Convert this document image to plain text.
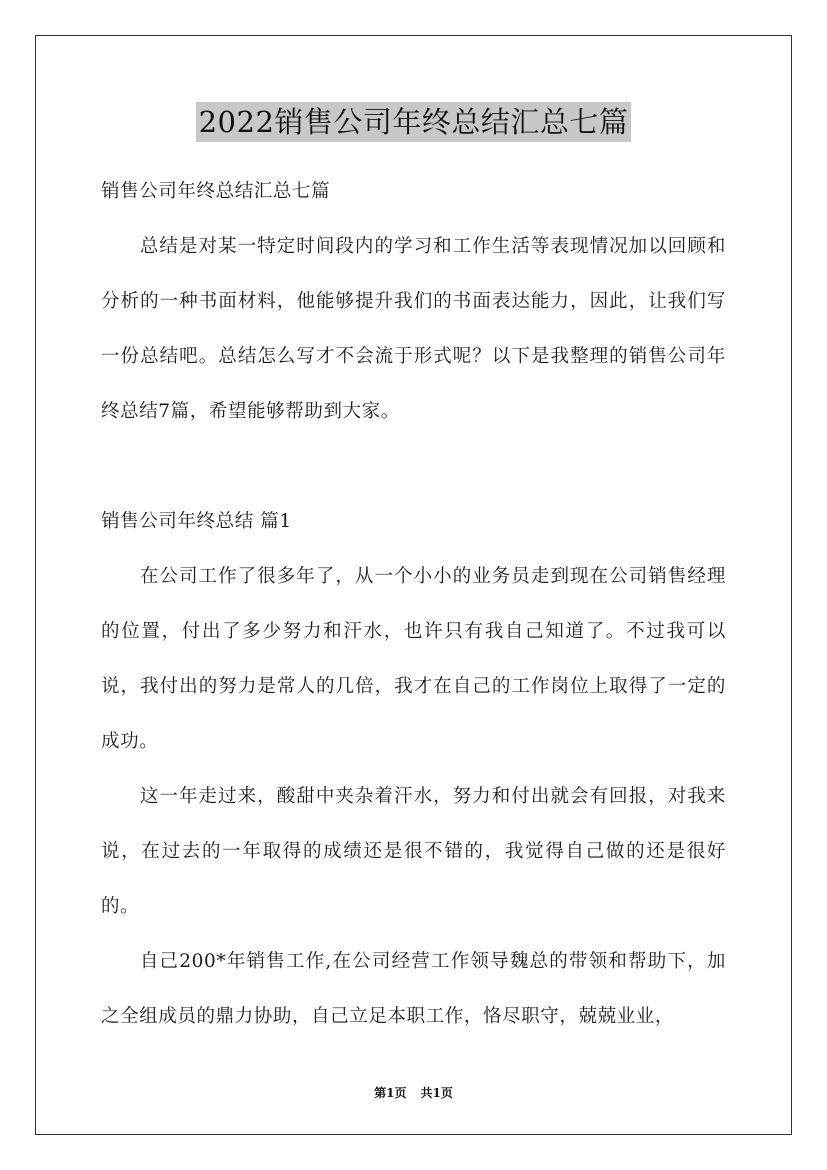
2022销售公司年终总结汇总七篇

销售公司年终总结汇总七篇

总结是对某一特定时间段内的学习和工作生活等表现情况加以回顾和分析的一种书面材料，他能够提升我们的书面表达能力，因此，让我们写一份总结吧。总结怎么写才不会流于形式呢？以下是我整理的销售公司年终总结7篇，希望能够帮助到大家。

销售公司年终总结 篇1

在公司工作了很多年了，从一个小小的业务员走到现在公司销售经理的位置，付出了多少努力和汗水，也许只有我自己知道了。不过我可以说，我付出的努力是常人的几倍，我才在自己的工作岗位上取得了一定的成功。

这一年走过来，酸甜中夹杂着汗水，努力和付出就会有回报，对我来说，在过去的一年取得的成绩还是很不错的，我觉得自己做的还是很好的。

自己200*年销售工作,在公司经营工作领导魏总的带领和帮助下，加之全组成员的鼎力协助，自己立足本职工作，恪尽职守，兢兢业业，

第1页 共1页
